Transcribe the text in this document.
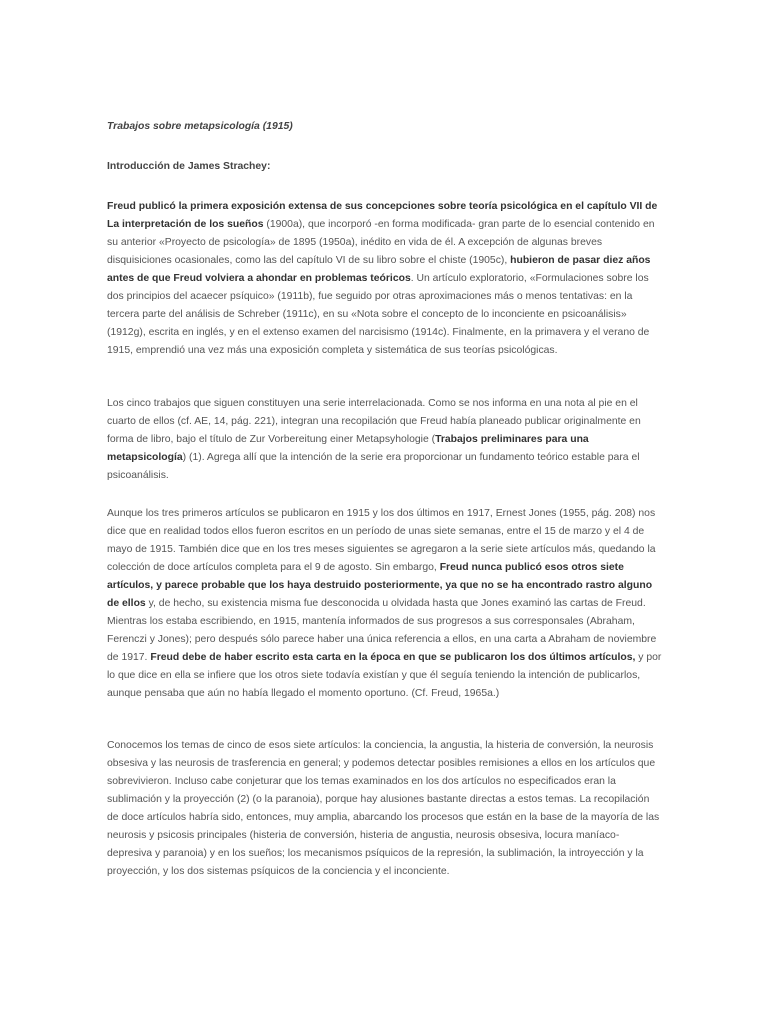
Trabajos sobre metapsicología (1915)

Introducción de James Strachey:

Freud publicó la primera exposición extensa de sus concepciones sobre teoría psicológica en el capítulo VII de La interpretación de los sueños (1900a), que incorporó -en forma modificada- gran parte de lo esencial contenido en su anterior «Proyecto de psicología» de 1895 (1950a), inédito en vida de él. A excepción de algunas breves disquisiciones ocasionales, como las del capítulo VI de su libro sobre el chiste (1905c), hubieron de pasar diez años antes de que Freud volviera a ahondar en problemas teóricos. Un artículo exploratorio, «Formulaciones sobre los dos principios del acaecer psíquico» (1911b), fue seguido por otras aproximaciones más o menos tentativas: en la tercera parte del análisis de Schreber (1911c), en su «Nota sobre el concepto de lo inconciente en psicoanálisis» (1912g), escrita en inglés, y en el extenso examen del narcisismo (1914c). Finalmente, en la primavera y el verano de 1915, emprendió una vez más una exposición completa y sistemática de sus teorías psicológicas.

Los cinco trabajos que siguen constituyen una serie interrelacionada. Como se nos informa en una nota al pie en el cuarto de ellos (cf. AE, 14, pág. 221), integran una recopilación que Freud había planeado publicar originalmente en forma de libro, bajo el título de Zur Vorbereitung einer Metapsyhologie (Trabajos preliminares para una metapsicología) (1). Agrega allí que la intención de la serie era proporcionar un fundamento teórico estable para el psicoanálisis.

Aunque los tres primeros artículos se publicaron en 1915 y los dos últimos en 1917, Ernest Jones (1955, pág. 208) nos dice que en realidad todos ellos fueron escritos en un período de unas siete semanas, entre el 15 de marzo y el 4 de mayo de 1915. También dice que en los tres meses siguientes se agregaron a la serie siete artículos más, quedando la colección de doce artículos completa para el 9 de agosto. Sin embargo, Freud nunca publicó esos otros siete artículos, y parece probable que los haya destruido posteriormente, ya que no se ha encontrado rastro alguno de ellos y, de hecho, su existencia misma fue desconocida u olvidada hasta que Jones examinó las cartas de Freud. Mientras los estaba escribiendo, en 1915, mantenía informados de sus progresos a sus corresponsales (Abraham, Ferenczi y Jones); pero después sólo parece haber una única referencia a ellos, en una carta a Abraham de noviembre de 1917. Freud debe de haber escrito esta carta en la época en que se publicaron los dos últimos artículos, y por lo que dice en ella se infiere que los otros siete todavía existían y que él seguía teniendo la intención de publicarlos, aunque pensaba que aún no había llegado el momento oportuno. (Cf. Freud, 1965a.)

Conocemos los temas de cinco de esos siete artículos: la conciencia, la angustia, la histeria de conversión, la neurosis obsesiva y las neurosis de trasferencia en general; y podemos detectar posibles remisiones a ellos en los artículos que sobrevivieron. Incluso cabe conjeturar que los temas examinados en los dos artículos no especificados eran la sublimación y la proyección (2) (o la paranoia), porque hay alusiones bastante directas a estos temas. La recopilación de doce artículos habría sido, entonces, muy amplia, abarcando los procesos que están en la base de la mayoría de las neurosis y psicosis principales (histeria de conversión, histeria de angustia, neurosis obsesiva, locura maníaco-depresiva y paranoia) y en los sueños; los mecanismos psíquicos de la represión, la sublimación, la introyección y la proyección, y los dos sistemas psíquicos de la conciencia y el inconciente.
